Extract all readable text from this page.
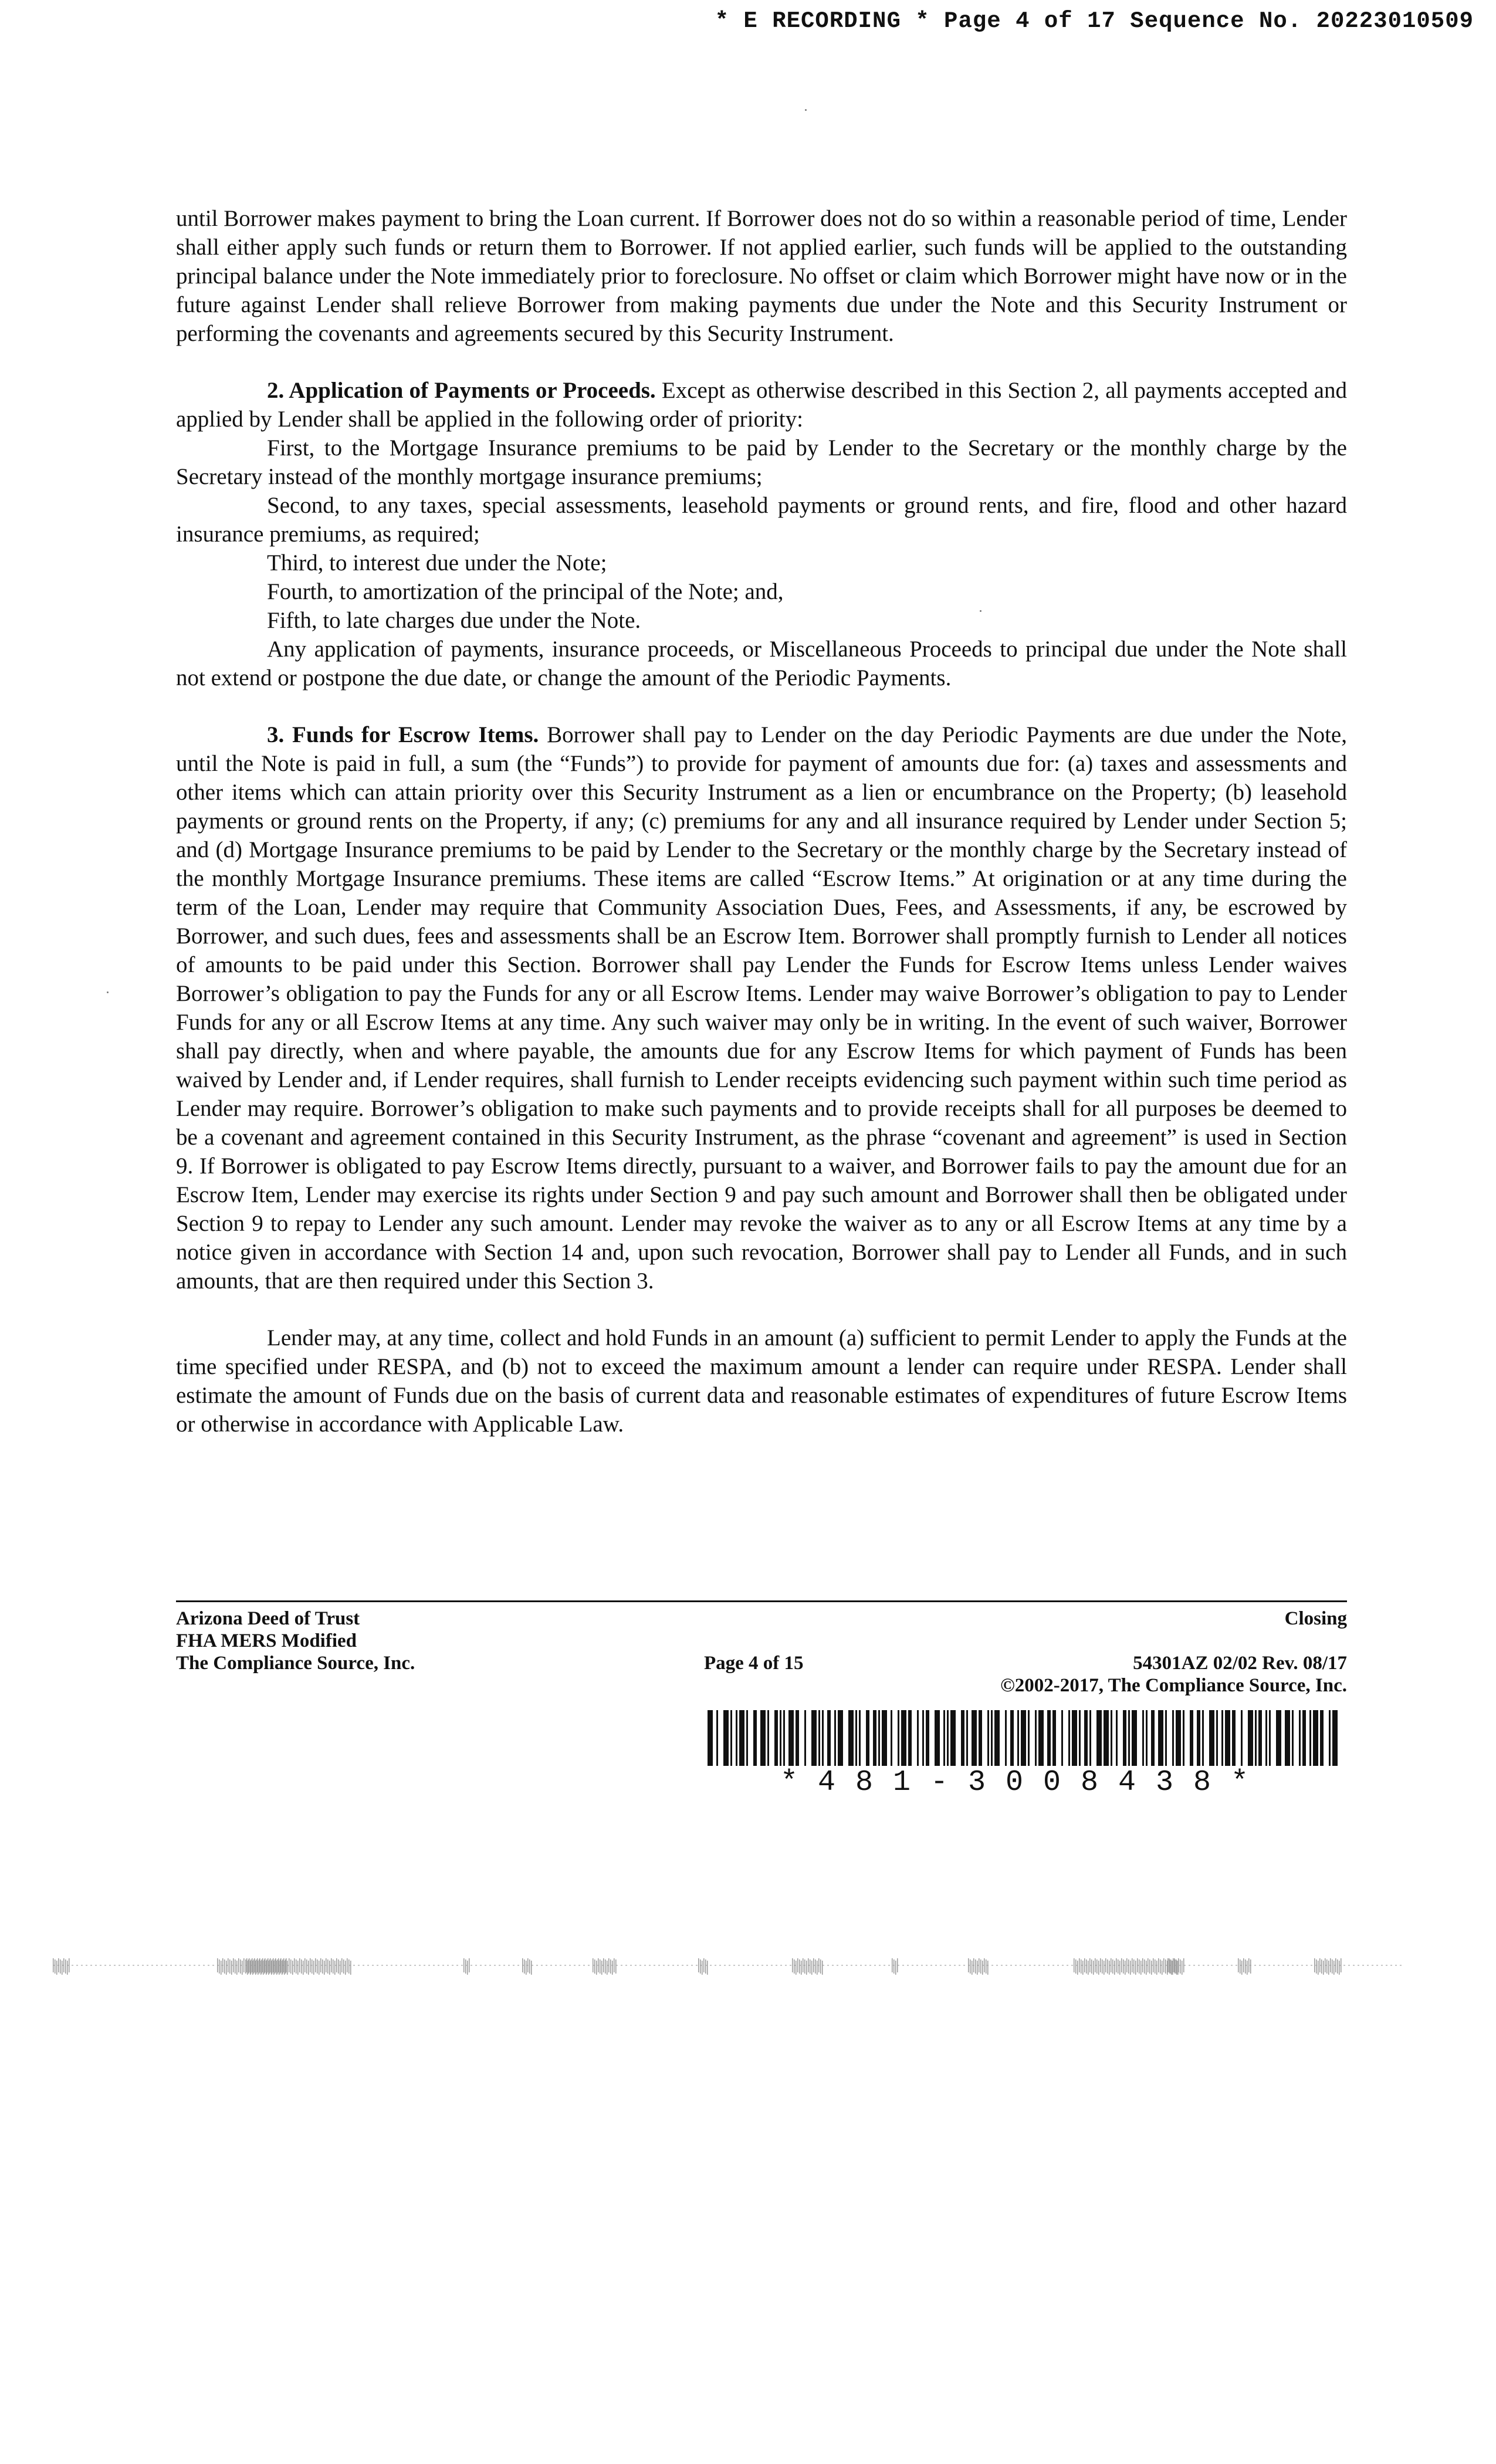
* E RECORDING * Page 4 of 17 Sequence No. 20223010509

until Borrower makes payment to bring the Loan current. If Borrower does not do so within a reasonable period of time, Lender shall either apply such funds or return them to Borrower. If not applied earlier, such funds will be applied to the outstanding principal balance under the Note immediately prior to foreclosure. No offset or claim which Borrower might have now or in the future against Lender shall relieve Borrower from making payments due under the Note and this Security Instrument or performing the covenants and agreements secured by this Security Instrument.

2. Application of Payments or Proceeds. Except as otherwise described in this Section 2, all payments accepted and applied by Lender shall be applied in the following order of priority:

First, to the Mortgage Insurance premiums to be paid by Lender to the Secretary or the monthly charge by the Secretary instead of the monthly mortgage insurance premiums;

Second, to any taxes, special assessments, leasehold payments or ground rents, and fire, flood and other hazard insurance premiums, as required;

Third, to interest due under the Note;

Fourth, to amortization of the principal of the Note; and,

Fifth, to late charges due under the Note.

Any application of payments, insurance proceeds, or Miscellaneous Proceeds to principal due under the Note shall not extend or postpone the due date, or change the amount of the Periodic Payments.

3. Funds for Escrow Items. Borrower shall pay to Lender on the day Periodic Payments are due under the Note, until the Note is paid in full, a sum (the “Funds”) to provide for payment of amounts due for: (a) taxes and assessments and other items which can attain priority over this Security Instrument as a lien or encumbrance on the Property; (b) leasehold payments or ground rents on the Property, if any; (c) premiums for any and all insurance required by Lender under Section 5; and (d) Mortgage Insurance premiums to be paid by Lender to the Secretary or the monthly charge by the Secretary instead of the monthly Mortgage Insurance premiums. These items are called “Escrow Items.” At origination or at any time during the term of the Loan, Lender may require that Community Association Dues, Fees, and Assessments, if any, be escrowed by Borrower, and such dues, fees and assessments shall be an Escrow Item. Borrower shall promptly furnish to Lender all notices of amounts to be paid under this Section. Borrower shall pay Lender the Funds for Escrow Items unless Lender waives Borrower’s obligation to pay the Funds for any or all Escrow Items. Lender may waive Borrower’s obligation to pay to Lender Funds for any or all Escrow Items at any time. Any such waiver may only be in writing. In the event of such waiver, Borrower shall pay directly, when and where payable, the amounts due for any Escrow Items for which payment of Funds has been waived by Lender and, if Lender requires, shall furnish to Lender receipts evidencing such payment within such time period as Lender may require. Borrower’s obligation to make such payments and to provide receipts shall for all purposes be deemed to be a covenant and agreement contained in this Security Instrument, as the phrase “covenant and agreement” is used in Section 9. If Borrower is obligated to pay Escrow Items directly, pursuant to a waiver, and Borrower fails to pay the amount due for an Escrow Item, Lender may exercise its rights under Section 9 and pay such amount and Borrower shall then be obligated under Section 9 to repay to Lender any such amount. Lender may revoke the waiver as to any or all Escrow Items at any time by a notice given in accordance with Section 14 and, upon such revocation, Borrower shall pay to Lender all Funds, and in such amounts, that are then required under this Section 3.

Lender may, at any time, collect and hold Funds in an amount (a) sufficient to permit Lender to apply the Funds at the time specified under RESPA, and (b) not to exceed the maximum amount a lender can require under RESPA. Lender shall estimate the amount of Funds due on the basis of current data and reasonable estimates of expenditures of future Escrow Items or otherwise in accordance with Applicable Law.

Arizona Deed of Trust
FHA MERS Modified
The Compliance Source, Inc.	Page 4 of 15
Closing
54301AZ 02/02 Rev. 08/17
©2002-2017, The Compliance Source, Inc.
*481-3008438*
